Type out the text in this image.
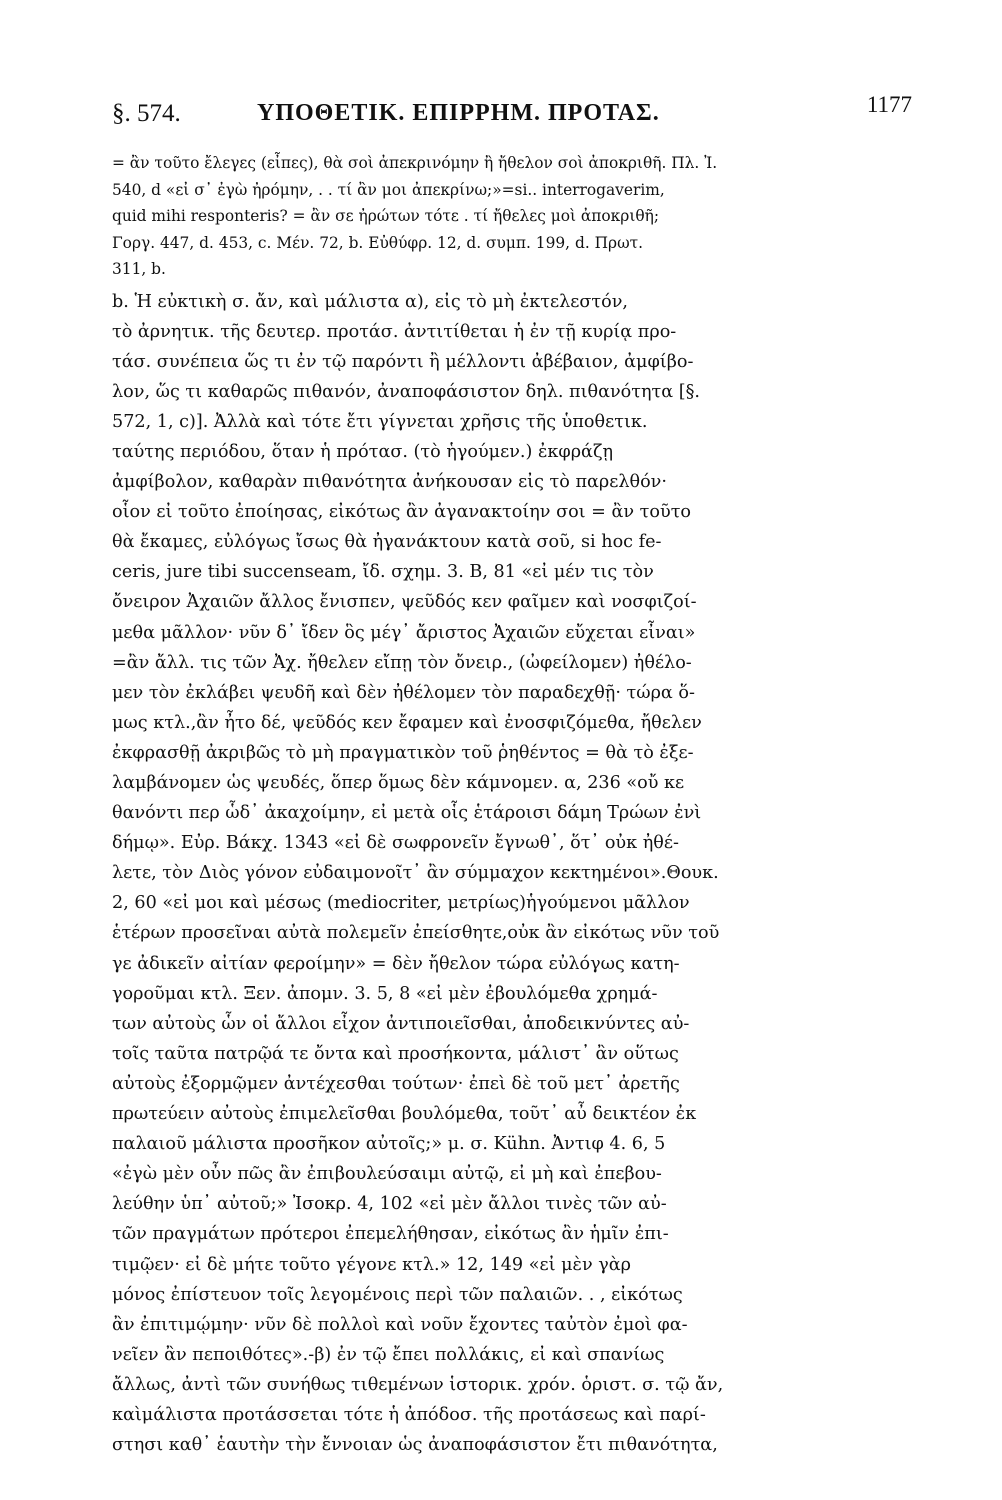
§. 574.	ΥΠΟΘΕΤΙΚ. ΕΠΙΡΡΗΜ. ΠΡΟΤΑΣ.	1177
= ἂν τοῦτο ἔλεγες (εἶπες), θὰ σοὶ ἀπεκρινόμην ἢ ἤθελον σοὶ ἀποκριθῆ. Πλ. Ἰ.
540, d «εἰ σ᾽ ἐγὼ ἠρόμην, . . τί ἂν μοι ἀπεκρίνω;»=si.. interrogaverim,
quid mihi responteris? = ἂν σε ἠρώτων τότε . τί ἤθελες μοὶ ἀποκριθῆ;
Γοργ. 447, d. 453, c. Μέν. 72, b. Εὐθύφρ. 12, d. συμπ. 199, d. Πρωτ.
311, b.
b. Ἡ εὐκτικὴ σ. ἄν, καὶ μάλιστα α), εἰς τὸ μὴ ἐκτελεστόν,
τὸ ἀρνητικ. τῆς δευτερ. προτάσ. ἀντιτίθεται ἡ ἐν τῇ κυρίᾳ προ-
τάσ. συνέπεια ὥς τι ἐν τῷ παρόντι ἢ μέλλοντι ἀβέβαιον, ἀμφίβο-
λον, ὥς τι καθαρῶς πιθανόν, ἀναποφάσιστον δηλ. πιθανότητα [§.
572, 1, c)]. Ἀλλὰ καὶ τότε ἔτι γίγνεται χρῆσις τῆς ὑποθετικ.
ταύτης περιόδου, ὅταν ἡ πρότασ. (τὸ ἡγούμεν.) ἐκφράζῃ
ἀμφίβολον, καθαρὰν πιθανότητα ἀνήκουσαν εἰς τὸ παρελθόν·
οἷον εἰ τοῦτο ἐποίησας, εἰκότως ἂν ἀγανακτοίην σοι = ἂν τοῦτο
θὰ ἔκαμες, εὐλόγως ἴσως θὰ ἠγανάκτουν κατὰ σοῦ, si hoc fe-
ceris, jure tibi succenseam, ἴδ. σχημ. 3. B, 81 «εἰ μέν τις τὸν
ὄνειρον Ἀχαιῶν ἄλλος ἔνισπεν, ψεῦδός κεν φαῖμεν καὶ νοσφιζοί-
μεθα μᾶλλον· νῦν δ᾽ ἴδεν ὃς μέγ᾽ ἄριστος Ἀχαιῶν εὔχεται εἶναι»
=ἂν ἄλλ. τις τῶν Ἀχ. ἤθελεν εἴπῃ τὸν ὄνειρ., (ὠφείλομεν) ἠθέλο-
μεν τὸν ἐκλάβει ψευδῆ καὶ δὲν ἠθέλομεν τὸν παραδεχθῇ· τώρα ὅ-
μως κτλ.,ἂν ἦτο δέ, ψεῦδός κεν ἔφαμεν καὶ ἐνοσφιζόμεθα, ἤθελεν
ἐκφρασθῇ ἀκριβῶς τὸ μὴ πραγματικὸν τοῦ ῥηθέντος = θὰ τὸ ἐξε-
λαμβάνομεν ὡς ψευδές, ὅπερ ὅμως δὲν κάμνομεν. α, 236 «οὔ κε
θανόντι περ ὧδ᾽ ἀκαχοίμην, εἰ μετὰ οἷς ἑτάροισι δάμη Τρώων ἐνὶ
δήμῳ». Εὐρ. Βάκχ. 1343 «εἰ δὲ σωφρονεῖν ἔγνωθ᾽, ὅτ᾽ οὐκ ἠθέ-
λετε, τὸν Διὸς γόνον εὐδαιμονοῖτ᾽ ἂν σύμμαχον κεκτημένοι».Θουκ.
2, 60 «εἰ μοι καὶ μέσως (mediocriter, μετρίως)ἡγούμενοι μᾶλλον
ἑτέρων προσεῖναι αὐτὰ πολεμεῖν ἐπείσθητε,οὐκ ἂν εἰκότως νῦν τοῦ
γε ἀδικεῖν αἰτίαν φεροίμην» = δὲν ἤθελον τώρα εὐλόγως κατη-
γοροῦμαι κτλ. Ξεν. ἀπομν. 3. 5, 8 «εἰ μὲν ἐβουλόμεθα χρημά-
των αὐτοὺς ὧν οἱ ἄλλοι εἶχον ἀντιποιεῖσθαι, ἀποδεικνύντες αὐ-
τοῖς ταῦτα πατρῷά τε ὄντα καὶ προσήκοντα, μάλιστ᾽ ἂν οὕτως
αὐτοὺς ἐξορμῷμεν ἀντέχεσθαι τούτων· ἐπεὶ δὲ τοῦ μετ᾽ ἀρετῆς
πρωτεύειν αὐτοὺς ἐπιμελεῖσθαι βουλόμεθα, τοῦτ᾽ αὖ δεικτέον ἐκ
παλαιοῦ μάλιστα προσῆκον αὐτοῖς;» μ. σ. Kühn. Ἀντιφ 4. 6, 5
«ἐγὼ μὲν οὖν πῶς ἂν ἐπιβουλεύσαιμι αὐτῷ, εἰ μὴ καὶ ἐπεβου-
λεύθην ὑπ᾽ αὐτοῦ;» Ἰσοκρ. 4, 102 «εἰ μὲν ἄλλοι τινὲς τῶν αὐ-
τῶν πραγμάτων πρότεροι ἐπεμελήθησαν, εἰκότως ἂν ἡμῖν ἐπι-
τιμῷεν· εἰ δὲ μήτε τοῦτο γέγονε κτλ.» 12, 149 «εἰ μὲν γὰρ
μόνος ἐπίστευον τοῖς λεγομένοις περὶ τῶν παλαιῶν. . , εἰκότως
ἂν ἐπιτιμῴμην· νῦν δὲ πολλοὶ καὶ νοῦν ἔχοντες ταὐτὸν ἐμοὶ φα-
νεῖεν ἂν πεποιθότες».-β) ἐν τῷ ἔπει πολλάκις, εἰ καὶ σπανίως
ἄλλως, ἀντὶ τῶν συνήθως τιθεμένων ἱστορικ. χρόν. ὁριστ. σ. τῷ ἄν,
καὶμάλιστα προτάσσεται τότε ἡ ἀπόδοσ. τῆς προτάσεως καὶ παρί-
στησι καθ᾽ ἑαυτὴν τὴν ἔννοιαν ὡς ἀναποφάσιστον ἔτι πιθανότητα,
